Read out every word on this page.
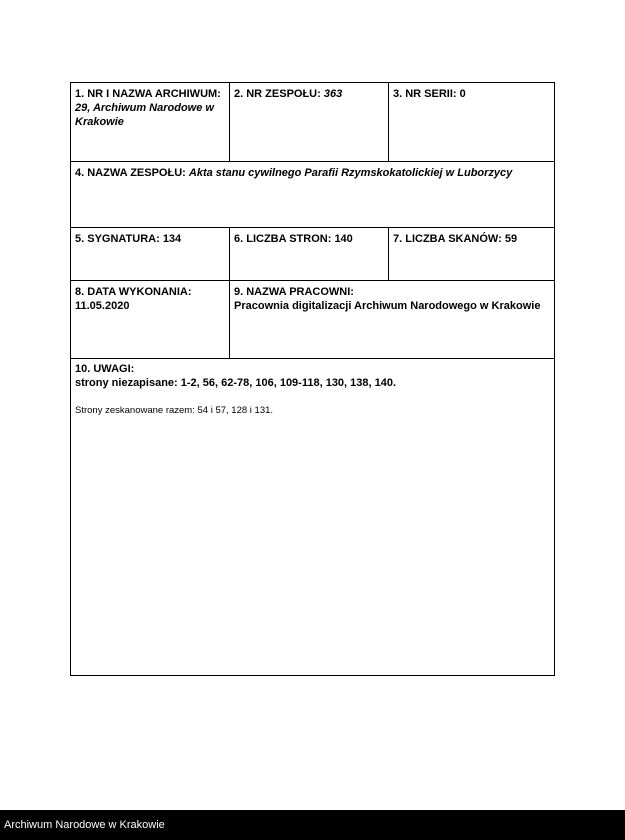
1. NR I NAZWA ARCHIWUM:
29, Archiwum Narodowe w Krakowie
2. NR ZESPOŁU: 363	3. NR SERII: 0
4. NAZWA ZESPOŁU: Akta stanu cywilnego Parafii Rzymskokatolickiej w Luborzycy
5. SYGNATURA: 134	6. LICZBA STRON: 140	7. LICZBA SKANÓW: 59
8. DATA WYKONANIA:
11.05.2020
9. NAZWA PRACOWNI:
Pracownia digitalizacji Archiwum Narodowego w Krakowie
10. UWAGI:
strony niezapisane: 1-2, 56, 62-78, 106, 109-118, 130, 138, 140.
Strony zeskanowane razem: 54 i 57, 128 i 131.
Archiwum Narodowe w Krakowie
